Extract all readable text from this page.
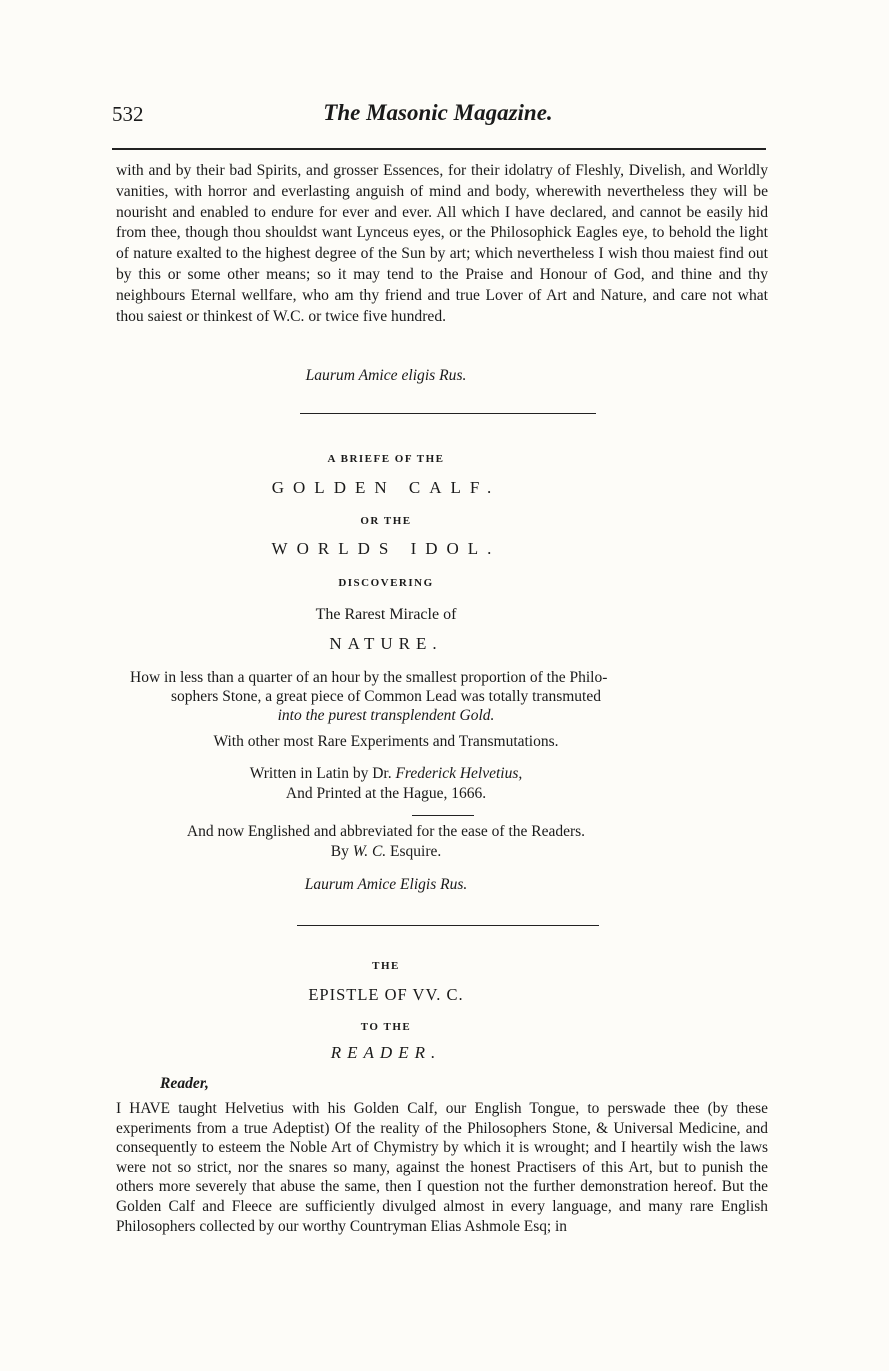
532	The Masonic Magazine.
with and by their bad Spirits, and grosser Essences, for their idolatry of Fleshly, Divelish, and Worldly vanities, with horror and everlasting anguish of mind and body, wherewith nevertheless they will be nourisht and enabled to endure for ever and ever. All which I have declared, and cannot be easily hid from thee, though thou shouldst want Lynceus eyes, or the Philosophick Eagles eye, to behold the light of nature exalted to the highest degree of the Sun by art; which nevertheless I wish thou maiest find out by this or some other means; so it may tend to the Praise and Honour of God, and thine and thy neighbours Eternal wellfare, who am thy friend and true Lover of Art and Nature, and care not what thou saiest or thinkest of W.C. or twice five hundred.
Laurum Amice eligis Rus.
A BRIEFE OF THE
GOLDEN CALF.
OR THE
WORLDS IDOL.
DISCOVERING
The Rarest Miracle of
NATURE.
How in less than a quarter of an hour by the smallest proportion of the Philo-
sophers Stone, a great piece of Common Lead was totally transmuted
into the purest transplendent Gold.
With other most Rare Experiments and Transmutations.
Written in Latin by Dr. Frederick Helvetius,
And Printed at the Hague, 1666.
And now Englished and abbreviated for the ease of the Readers.
By W. C. Esquire.
Laurum Amice Eligis Rus.
THE
EPISTLE OF VV. C.
TO THE
READER.
Reader,
I HAVE taught Helvetius with his Golden Calf, our English Tongue, to perswade thee (by these experiments from a true Adeptist) Of the reality of the Philosophers Stone, & Universal Medicine, and consequently to esteem the Noble Art of Chymistry by which it is wrought; and I heartily wish the laws were not so strict, nor the snares so many, against the honest Practisers of this Art, but to punish the others more severely that abuse the same, then I question not the further demonstration hereof. But the Golden Calf and Fleece are sufficiently divulged almost in every language, and many rare English Philosophers collected by our worthy Countryman Elias Ashmole Esq; in
